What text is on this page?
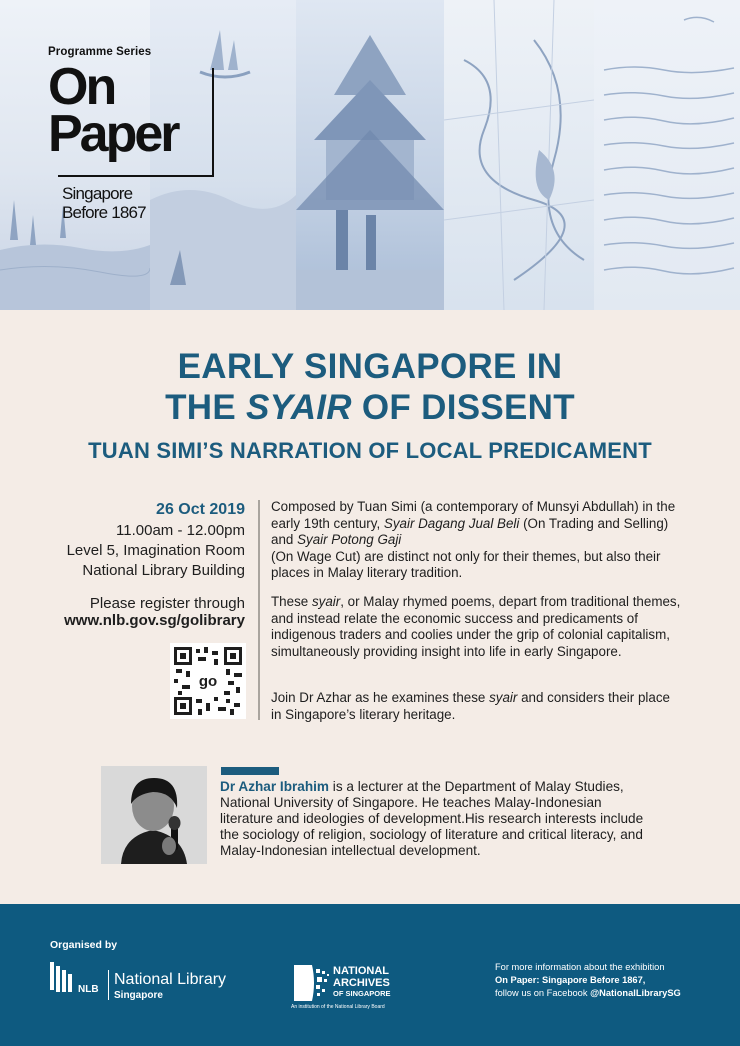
Programme Series
On
Paper
Singapore
Before 1867
EARLY SINGAPORE IN
THE SYAIR OF DISSENT
TUAN SIMI’S NARRATION OF LOCAL PREDICAMENT
26 Oct 2019
11.00am - 12.00pm
Level 5, Imagination Room
National Library Building
Please register through
www.nlb.gov.sg/golibrary
go
Composed by Tuan Simi (a contemporary of Munsyi Abdullah) in the early 19th century, Syair Dagang Jual Beli (On Trading and Selling) and Syair Potong Gaji
(On Wage Cut) are distinct not only for their themes, but also their places in Malay literary tradition.
These syair, or Malay rhymed poems, depart from traditional themes, and instead relate the economic success and predicaments of indigenous traders and coolies under the grip of colonial capitalism, simultaneously providing insight into life in early Singapore.
Join Dr Azhar as he examines these syair and considers their place in Singapore’s literary heritage.
Dr Azhar Ibrahim is a lecturer at the Department of Malay Studies, National University of Singapore. He teaches Malay-Indonesian literature and ideologies of development.His research interests include the sociology of religion, sociology of literature and critical literacy, and Malay-Indonesian intellectual development.
Organised by
NLB
National Library
Singapore
NATIONAL
ARCHIVES
OF SINGAPORE
An institution of the National Library Board
For more information about the exhibition
On Paper: Singapore Before 1867,
follow us on Facebook @NationalLibrarySG
